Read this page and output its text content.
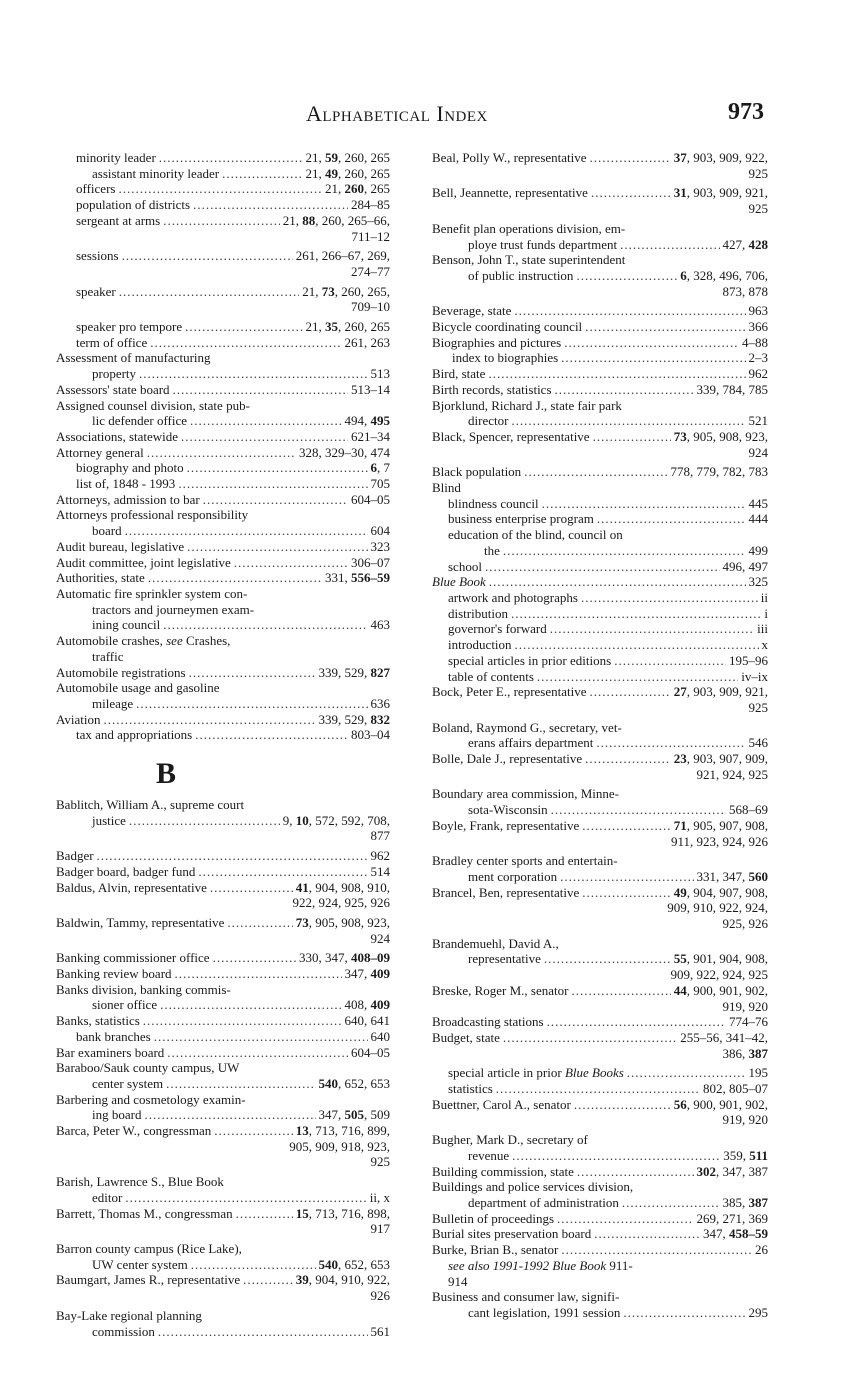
Alphabetical Index	973
minority leader .....	21, 59, 260, 265
assistant minority leader .....	21, 49, 260, 265
officers .....	21, 260, 265
population of districts .....	284–85
sergeant at arms .....	21, 88, 260, 265–66,
711–12
sessions .....	261, 266–67, 269,
274–77
speaker .....	21, 73, 260, 265,
709–10
speaker pro tempore .....	21, 35, 260, 265
term of office .....	261, 263
Assessment of manufacturing
property .....	513
Assessors' state board .....	513–14
Assigned counsel division, state pub-
lic defender office .....	494, 495
Associations, statewide .....	621–34
Attorney general .....	328, 329–30, 474
biography and photo .....	6, 7
list of, 1848 - 1993 .....	705
Attorneys, admission to bar .....	604–05
Attorneys professional responsibility
board .....	604
Audit bureau, legislative .....	323
Audit committee, joint legislative .....	306–07
Authorities, state .....	331, 556–59
Automatic fire sprinkler system con-
tractors and journeymen exam-
ining council .....	463
Automobile crashes, see Crashes,
traffic
Automobile registrations .....	339, 529, 827
Automobile usage and gasoline
mileage .....	636
Aviation .....	339, 529, 832
tax and appropriations .....	803–04
B
Bablitch, William A., supreme court
justice .....	9, 10, 572, 592, 708,
877
Badger .....	962
Badger board, badger fund .....	514
Baldus, Alvin, representative .....	41, 904, 908, 910,
922, 924, 925, 926
Baldwin, Tammy, representative .....	73, 905, 908, 923,
924
Banking commissioner office .....	330, 347, 408–09
Banking review board .....	347, 409
Banks division, banking commis-
sioner office .....	408, 409
Banks, statistics .....	640, 641
bank branches .....	640
Bar examiners board .....	604–05
Baraboo/Sauk county campus, UW
center system .....	540, 652, 653
Barbering and cosmetology examin-
ing board .....	347, 505, 509
Barca, Peter W., congressman .....	13, 713, 716, 899,
905, 909, 918, 923,
925
Barish, Lawrence S., Blue Book
editor .....	ii, x
Barrett, Thomas M., congressman .....	15, 713, 716, 898,
917
Barron county campus (Rice Lake),
UW center system .....	540, 652, 653
Baumgart, James R., representative .....	39, 904, 910, 922,
926
Bay-Lake regional planning
commission .....	561
Beal, Polly W., representative .....	37, 903, 909, 922,
925
Bell, Jeannette, representative .....	31, 903, 909, 921,
925
Benefit plan operations division, em-
ploye trust funds department .....	427, 428
Benson, John T., state superintendent
of public instruction .....	6, 328, 496, 706,
873, 878
Beverage, state .....	963
Bicycle coordinating council .....	366
Biographies and pictures .....	4–88
index to biographies .....	2–3
Bird, state .....	962
Birth records, statistics .....	339, 784, 785
Bjorklund, Richard J., state fair park
director .....	521
Black, Spencer, representative .....	73, 905, 908, 923,
924
Black population .....	778, 779, 782, 783
Blind
blindness council .....	445
business enterprise program .....	444
education of the blind, council on
the .....	499
school .....	496, 497
Blue Book .....	325
artwork and photographs .....	ii
distribution .....	i
governor's forward .....	iii
introduction .....	x
special articles in prior editions .....	195–96
table of contents .....	iv–ix
Bock, Peter E., representative .....	27, 903, 909, 921,
925
Boland, Raymond G., secretary, vet-
erans affairs department .....	546
Bolle, Dale J., representative .....	23, 903, 907, 909,
921, 924, 925
Boundary area commission, Minne-
sota-Wisconsin .....	568–69
Boyle, Frank, representative .....	71, 905, 907, 908,
911, 923, 924, 926
Bradley center sports and entertain-
ment corporation .....	331, 347, 560
Brancel, Ben, representative .....	49, 904, 907, 908,
909, 910, 922, 924,
925, 926
Brandemuehl, David A.,
representative .....	55, 901, 904, 908,
909, 922, 924, 925
Breske, Roger M., senator .....	44, 900, 901, 902,
919, 920
Broadcasting stations .....	774–76
Budget, state .....	255–56, 341–42,
386, 387
special article in prior Blue Books .....	195
statistics .....	802, 805–07
Buettner, Carol A., senator .....	56, 900, 901, 902,
919, 920
Bugher, Mark D., secretary of
revenue .....	359, 511
Building commission, state .....	302, 347, 387
Buildings and police services division,
department of administration .....	385, 387
Bulletin of proceedings .....	269, 271, 369
Burial sites preservation board .....	347, 458–59
Burke, Brian B., senator .....	26
see also 1991-1992 Blue Book 911-
914
Business and consumer law, signifi-
cant legislation, 1991 session .....	295
